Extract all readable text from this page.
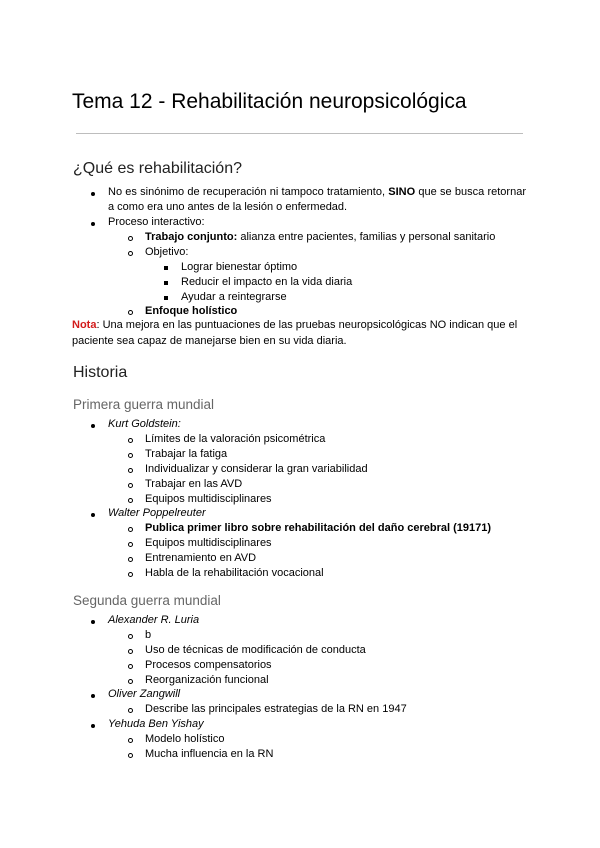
Tema 12 - Rehabilitación neuropsicológica
¿Qué es rehabilitación?
No es sinónimo de recuperación ni tampoco tratamiento, SINO que se busca retornar a como era uno antes de la lesión o enfermedad.
Proceso interactivo:
Trabajo conjunto: alianza entre pacientes, familias y personal sanitario
Objetivo:
Lograr bienestar óptimo
Reducir el impacto en la vida diaria
Ayudar a reintegrarse
Enfoque holístico
Nota: Una mejora en las puntuaciones de las pruebas neuropsicológicas NO indican que el paciente sea capaz de manejarse bien en su vida diaria.
Historia
Primera guerra mundial
Kurt Goldstein:
Límites de la valoración psicométrica
Trabajar la fatiga
Individualizar y considerar la gran variabilidad
Trabajar en las AVD
Equipos multidisciplinares
Walter Poppelreuter
Publica primer libro sobre rehabilitación del daño cerebral (19171)
Equipos multidisciplinares
Entrenamiento en AVD
Habla de la rehabilitación vocacional
Segunda guerra mundial
Alexander R. Luria
b
Uso de técnicas de modificación de conducta
Procesos compensatorios
Reorganización funcional
Oliver Zangwill
Describe las principales estrategias de la RN en 1947
Yehuda Ben Yishay
Modelo holístico
Mucha influencia en la RN
